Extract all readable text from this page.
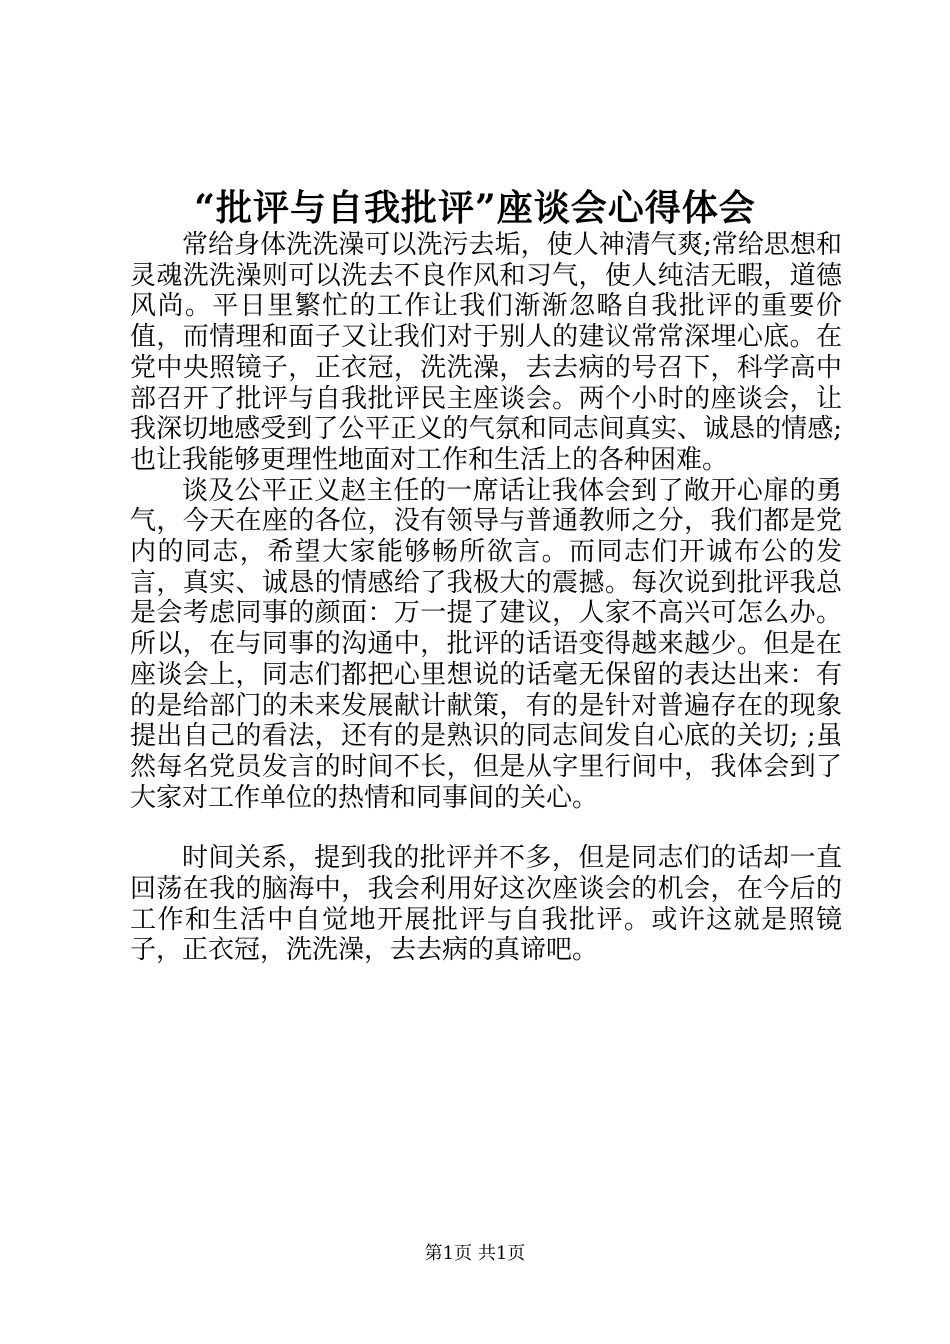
“批评与自我批评”座谈会心得体会

常给身体洗洗澡可以洗污去垢，使人神清气爽;常给思想和灵魂洗洗澡则可以洗去不良作风和习气，使人纯洁无暇，道德风尚。平日里繁忙的工作让我们渐渐忽略自我批评的重要价值，而情理和面子又让我们对于别人的建议常常深埋心底。在党中央照镜子，正衣冠，洗洗澡，去去病的号召下，科学高中部召开了批评与自我批评民主座谈会。两个小时的座谈会，让我深切地感受到了公平正义的气氛和同志间真实、诚恳的情感;也让我能够更理性地面对工作和生活上的各种困难。

谈及公平正义赵主任的一席话让我体会到了敞开心扉的勇气，今天在座的各位，没有领导与普通教师之分，我们都是党内的同志，希望大家能够畅所欲言。而同志们开诚布公的发言，真实、诚恳的情感给了我极大的震撼。每次说到批评我总是会考虑同事的颜面：万一提了建议，人家不高兴可怎么办。所以，在与同事的沟通中，批评的话语变得越来越少。但是在座谈会上，同志们都把心里想说的话毫无保留的表达出来：有的是给部门的未来发展献计献策，有的是针对普遍存在的现象提出自己的看法，还有的是熟识的同志间发自心底的关切; ;虽然每名党员发言的时间不长，但是从字里行间中，我体会到了大家对工作单位的热情和同事间的关心。

时间关系，提到我的批评并不多，但是同志们的话却一直回荡在我的脑海中，我会利用好这次座谈会的机会，在今后的工作和生活中自觉地开展批评与自我批评。或许这就是照镜子，正衣冠，洗洗澡，去去病的真谛吧。

第1页 共1页
